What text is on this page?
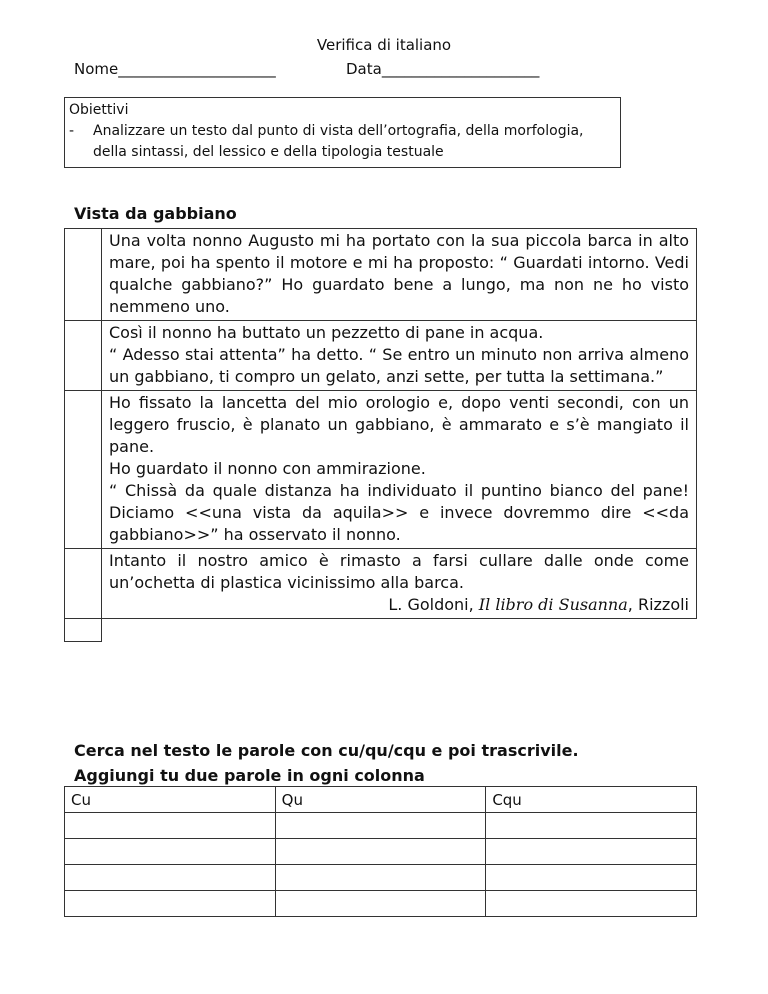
Verifica di italiano
Nome_____________________	Data_____________________
Obiettivi
- Analizzare un testo dal punto di vista dell’ortografia, della morfologia, della sintassi, del lessico e della tipologia testuale
Vista da gabbiano

	Una volta nonno Augusto mi ha portato con la sua piccola barca in alto mare, poi ha spento il motore e mi ha proposto: “ Guardati intorno. Vedi qualche gabbiano?” Ho guardato bene a lungo, ma non ne ho visto nemmeno uno.

	Così il nonno ha buttato un pezzetto di pane in acqua.
“ Adesso stai attenta” ha detto. “ Se entro un minuto non arriva almeno un gabbiano, ti compro un gelato, anzi sette, per tutta la settimana.”

	Ho fissato la lancetta del mio orologio e, dopo venti secondi, con un leggero fruscio, è planato un gabbiano, è ammarato e s’è mangiato il pane.
Ho guardato il nonno con ammirazione.
“ Chissà da quale distanza ha individuato il puntino bianco del pane! Diciamo <<una vista da aquila>> e invece dovremmo dire <<da gabbiano>>” ha osservato il nonno.

	Intanto il nostro amico è rimasto a farsi cullare dalle onde come un’ochetta di plastica vicinissimo alla barca.
L. Goldoni, Il libro di Susanna, Rizzoli

Cerca nel testo le parole con cu/qu/cqu e poi trascrivile.
Aggiungi tu due parole in ogni colonna
Cu	Qu	Cqu
